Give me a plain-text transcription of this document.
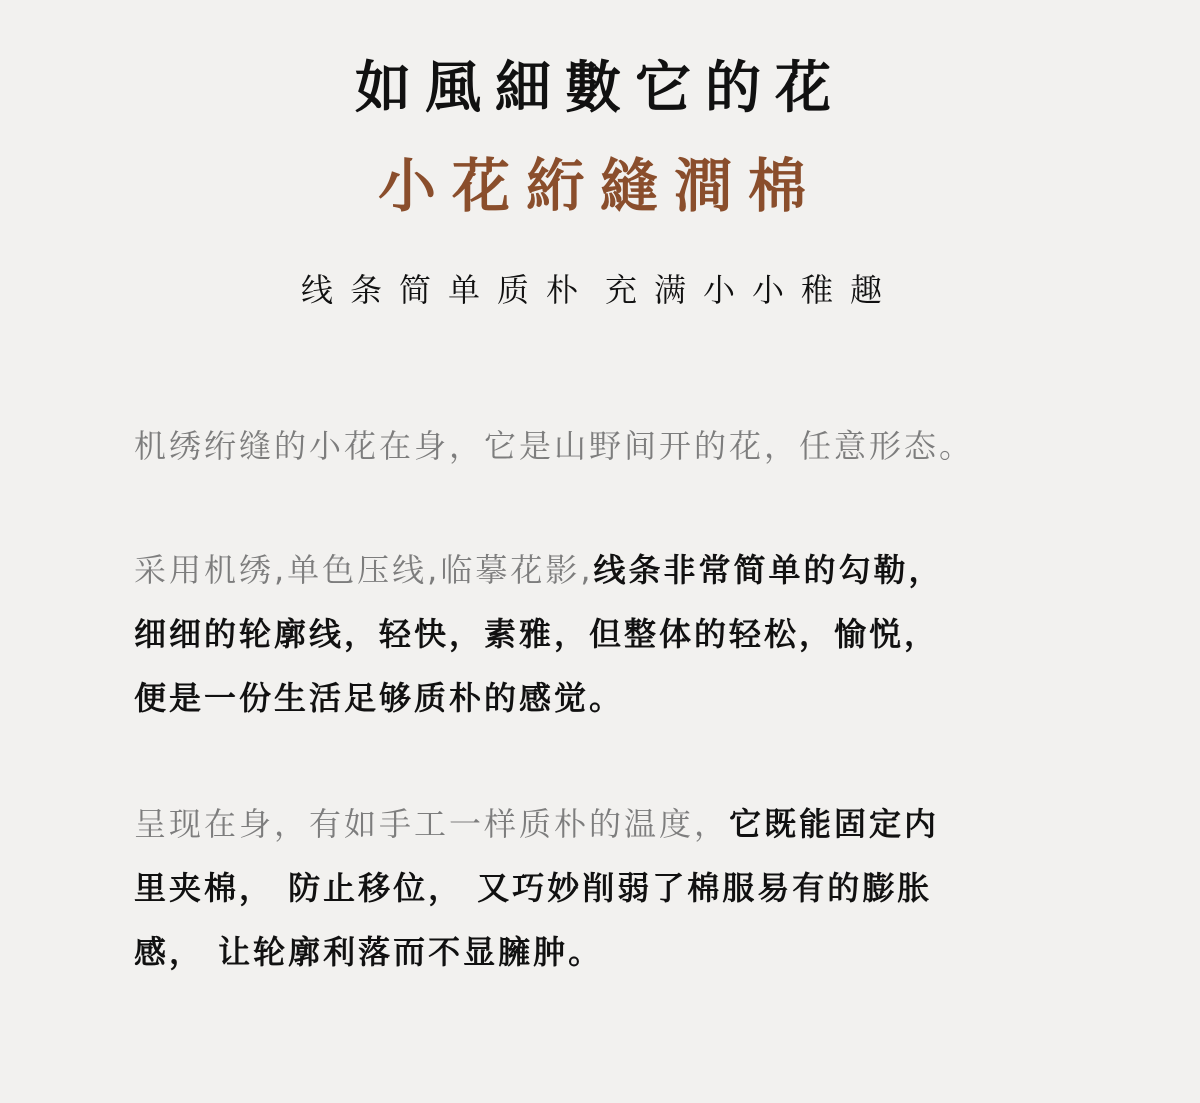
如風細數它的花
小花絎縫澗棉
线条简单质朴 充满小小稚趣
机绣绗缝的小花在身，它是山野间开的花，任意形态。
采用机绣,单色压线,临摹花影,线条非常简单的勾勒，
细细的轮廓线，轻快，素雅，但整体的轻松，愉悦，
便是一份生活足够质朴的感觉。
呈现在身，有如手工一样质朴的温度，它既能固定内
里夹棉， 防止移位， 又巧妙削弱了棉服易有的膨胀
感， 让轮廓利落而不显臃肿。
